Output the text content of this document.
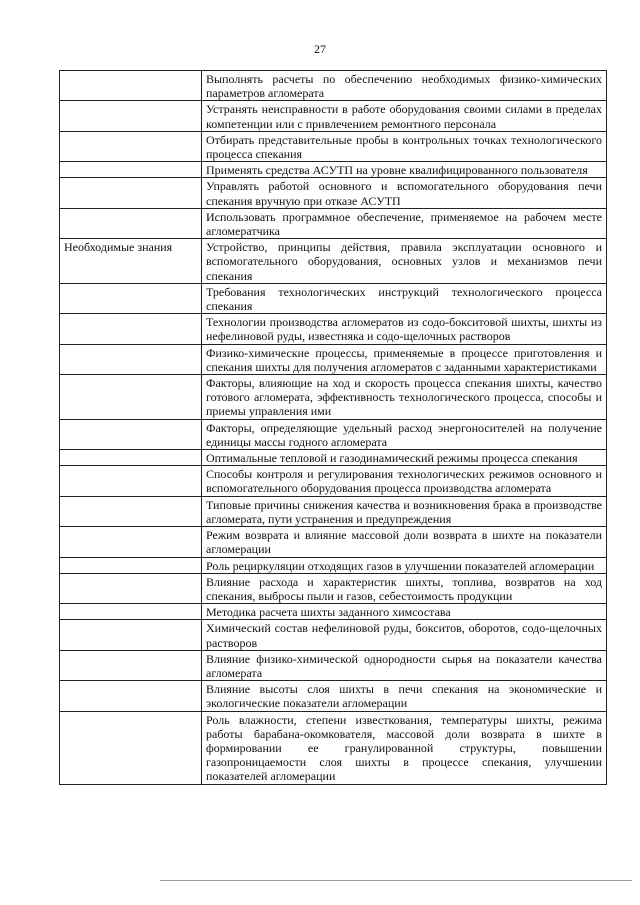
27
	Выполнять расчеты по обеспечению необходимых физико-химических параметров агломерата
	Устранять неисправности в работе оборудования своими силами в пределах компетенции или с привлечением ремонтного персонала
	Отбирать представительные пробы в контрольных точках технологического процесса спекания
	Применять средства АСУТП на уровне квалифицированного пользователя
	Управлять работой основного и вспомогательного оборудования печи спекания вручную при отказе АСУТП
	Использовать программное обеспечение, применяемое на рабочем месте агломератчика
Необходимые знания	Устройство, принципы действия, правила эксплуатации основного и вспомогательного оборудования, основных узлов и механизмов печи спекания
	Требования технологических инструкций технологического процесса спекания
	Технологии производства агломератов из содо-бокситовой шихты, шихты из нефелиновой руды, известняка и содо-щелочных растворов
	Физико-химические процессы, применяемые в процессе приготовления и спекания шихты для получения агломератов с заданными характеристиками
	Факторы, влияющие на ход и скорость процесса спекания шихты, качество готового агломерата, эффективность технологического процесса, способы и приемы управления ими
	Факторы, определяющие удельный расход энергоносителей на получение единицы массы годного агломерата
	Оптимальные тепловой и газодинамический режимы процесса спекания
	Способы контроля и регулирования технологических режимов основного и вспомогательного оборудования процесса производства агломерата
	Типовые причины снижения качества и возникновения брака в производстве агломерата, пути устранения и предупреждения
	Режим возврата и влияние массовой доли возврата в шихте на показатели агломерации
	Роль рециркуляции отходящих газов в улучшении показателей агломерации
	Влияние расхода и характеристик шихты, топлива, возвратов на ход спекания, выбросы пыли и газов, себестоимость продукции
	Методика расчета шихты заданного химсостава
	Химический состав нефелиновой руды, бокситов, оборотов, содо-щелочных растворов
	Влияние физико-химической однородности сырья на показатели качества агломерата
	Влияние высоты слоя шихты в печи спекания на экономические и экологические показатели агломерации
	Роль влажности, степени известкования, температуры шихты, режима работы барабана-окомкователя, массовой доли возврата в шихте в формировании ее гранулированной структуры, повышении газопроницаемости слоя шихты в процессе спекания, улучшении показателей агломерации
